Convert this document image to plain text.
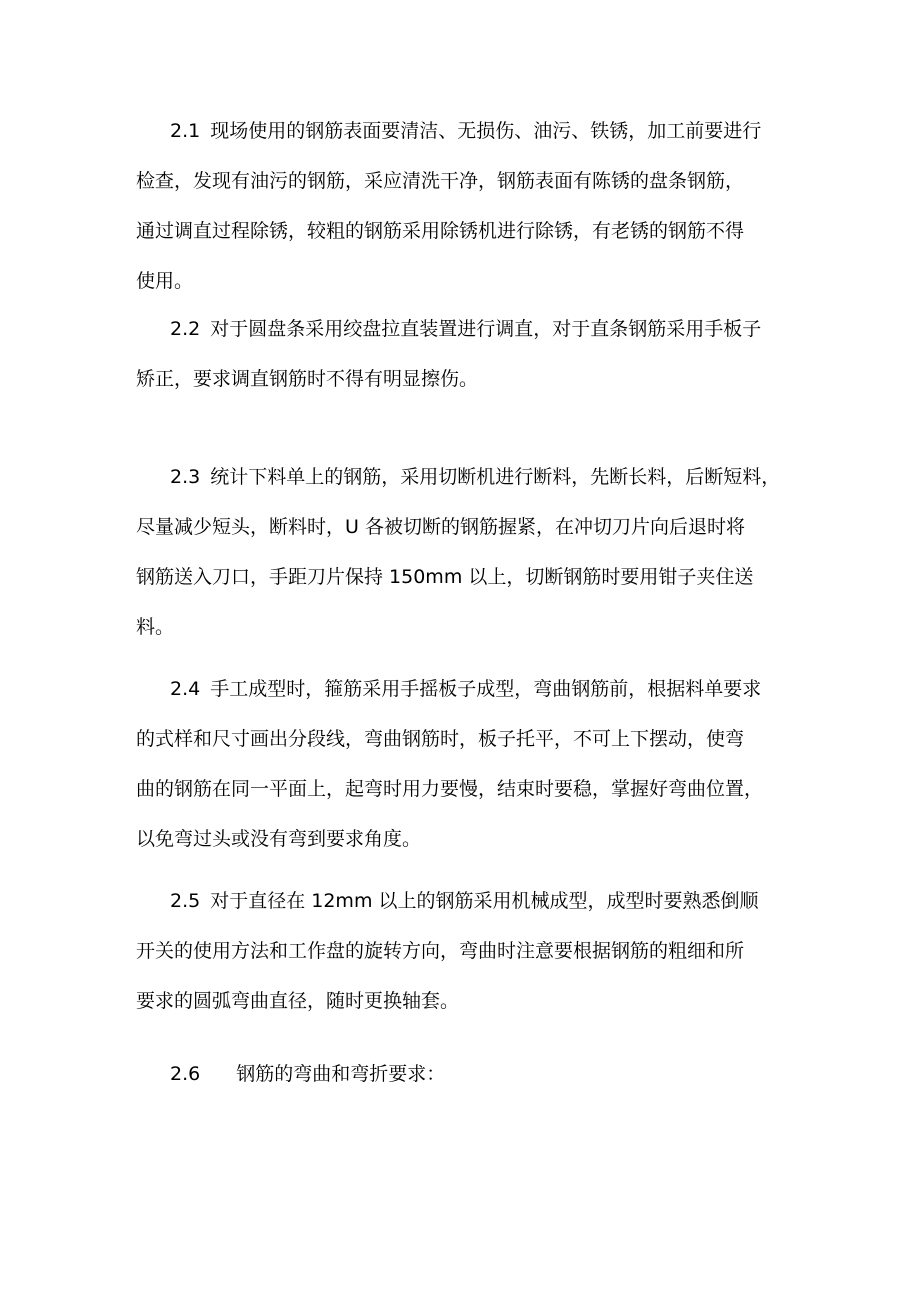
2.1 现场使用的钢筋表面要清洁、无损伤、油污、铁锈，加工前要进行
检查，发现有油污的钢筋，采应清洗干净，钢筋表面有陈锈的盘条钢筋，
通过调直过程除锈，较粗的钢筋采用除锈机进行除锈，有老锈的钢筋不得
使用。
2.2 对于圆盘条采用绞盘拉直装置进行调直，对于直条钢筋采用手板子
矫正，要求调直钢筋时不得有明显擦伤。
2.3 统计下料单上的钢筋，采用切断机进行断料，先断长料，后断短料，
尽量减少短头，断料时，U 各被切断的钢筋握紧，在冲切刀片向后退时将
钢筋送入刀口，手距刀片保持 150mm 以上，切断钢筋时要用钳子夹住送
料。
2.4 手工成型时，箍筋采用手摇板子成型，弯曲钢筋前，根据料单要求
的式样和尺寸画出分段线，弯曲钢筋时，板子托平，不可上下摆动，使弯
曲的钢筋在同一平面上，起弯时用力要慢，结束时要稳，掌握好弯曲位置，
以免弯过头或没有弯到要求角度。
2.5 对于直径在 12mm 以上的钢筋采用机械成型，成型时要熟悉倒顺
开关的使用方法和工作盘的旋转方向，弯曲时注意要根据钢筋的粗细和所
要求的圆弧弯曲直径，随时更换轴套。
2.6 钢筋的弯曲和弯折要求：
